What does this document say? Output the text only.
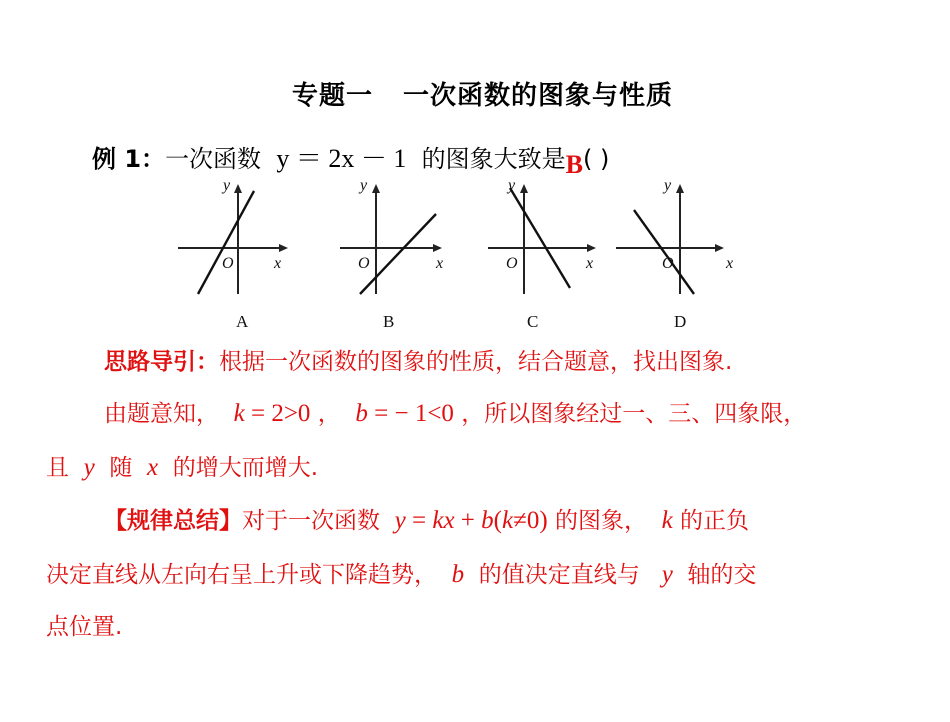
专题一 一次函数的图象与性质
例 1：一次函数 y ＝ 2x － 1 的图象大致是B( )
y
x
O
A
y
x
O
B
y
x
O
C
y
x
O
D
思路导引：根据一次函数的图象的性质，结合题意，找出图象.
由题意知， k = 2>0 ， b = − 1<0 ，所以图象经过一、三、四象限，
且 y 随 x 的增大而增大.
【规律总结】对于一次函数 y = kx + b(k≠0) 的图象， k 的正负
决定直线从左向右呈上升或下降趋势， b 的值决定直线与 y 轴的交
点位置.
